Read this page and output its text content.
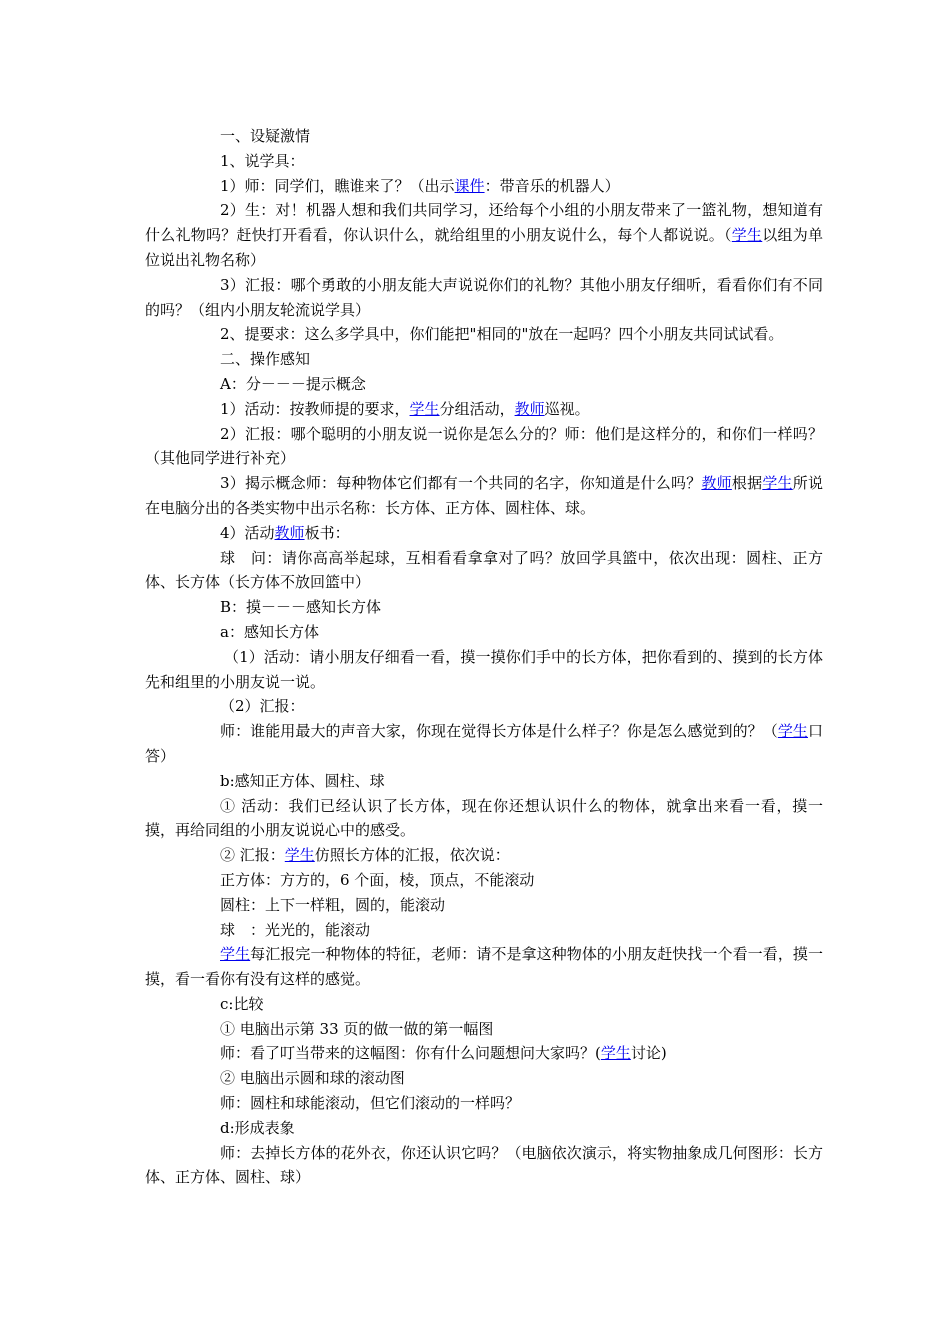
一、设疑激情

1、说学具：

1）师：同学们，瞧谁来了？（出示课件：带音乐的机器人）

2）生：对！机器人想和我们共同学习，还给每个小组的小朋友带来了一篮礼物，想知道有什么礼物吗？赶快打开看看，你认识什么，就给组里的小朋友说什么，每个人都说说。（学生以组为单位说出礼物名称）

3）汇报：哪个勇敢的小朋友能大声说说你们的礼物？其他小朋友仔细听，看看你们有不同的吗？（组内小朋友轮流说学具）

2、提要求：这么多学具中，你们能把"相同的"放在一起吗？四个小朋友共同试试看。

二、操作感知

A：分－－－提示概念

1）活动：按教师提的要求，学生分组活动，教师巡视。

2）汇报：哪个聪明的小朋友说一说你是怎么分的？师：他们是这样分的，和你们一样吗？（其他同学进行补充）

3）揭示概念师：每种物体它们都有一个共同的名字，你知道是什么吗？教师根据学生所说在电脑分出的各类实物中出示名称：长方体、正方体、圆柱体、球。

4）活动教师板书：

球　问：请你高高举起球，互相看看拿拿对了吗？放回学具篮中，依次出现：圆柱、正方体、长方体（长方体不放回篮中）

B：摸－－－感知长方体

a：感知长方体

（1）活动：请小朋友仔细看一看，摸一摸你们手中的长方体，把你看到的、摸到的长方体先和组里的小朋友说一说。

（2）汇报：

师：谁能用最大的声音大家，你现在觉得长方体是什么样子？你是怎么感觉到的？（学生口答）

b:感知正方体、圆柱、球

① 活动：我们已经认识了长方体，现在你还想认识什么的物体，就拿出来看一看，摸一摸，再给同组的小朋友说说心中的感受。

② 汇报：学生仿照长方体的汇报，依次说：

正方体：方方的，6 个面，棱，顶点，不能滚动

圆柱：上下一样粗，圆的，能滚动

球　：光光的，能滚动

学生每汇报完一种物体的特征，老师：请不是拿这种物体的小朋友赶快找一个看一看，摸一摸，看一看你有没有这样的感觉。

c:比较

① 电脑出示第 33 页的做一做的第一幅图

师：看了叮当带来的这幅图：你有什么问题想问大家吗？(学生讨论)

② 电脑出示圆和球的滚动图

师：圆柱和球能滚动，但它们滚动的一样吗？

d:形成表象

师：去掉长方体的花外衣，你还认识它吗？（电脑依次演示，将实物抽象成几何图形：长方体、正方体、圆柱、球）
